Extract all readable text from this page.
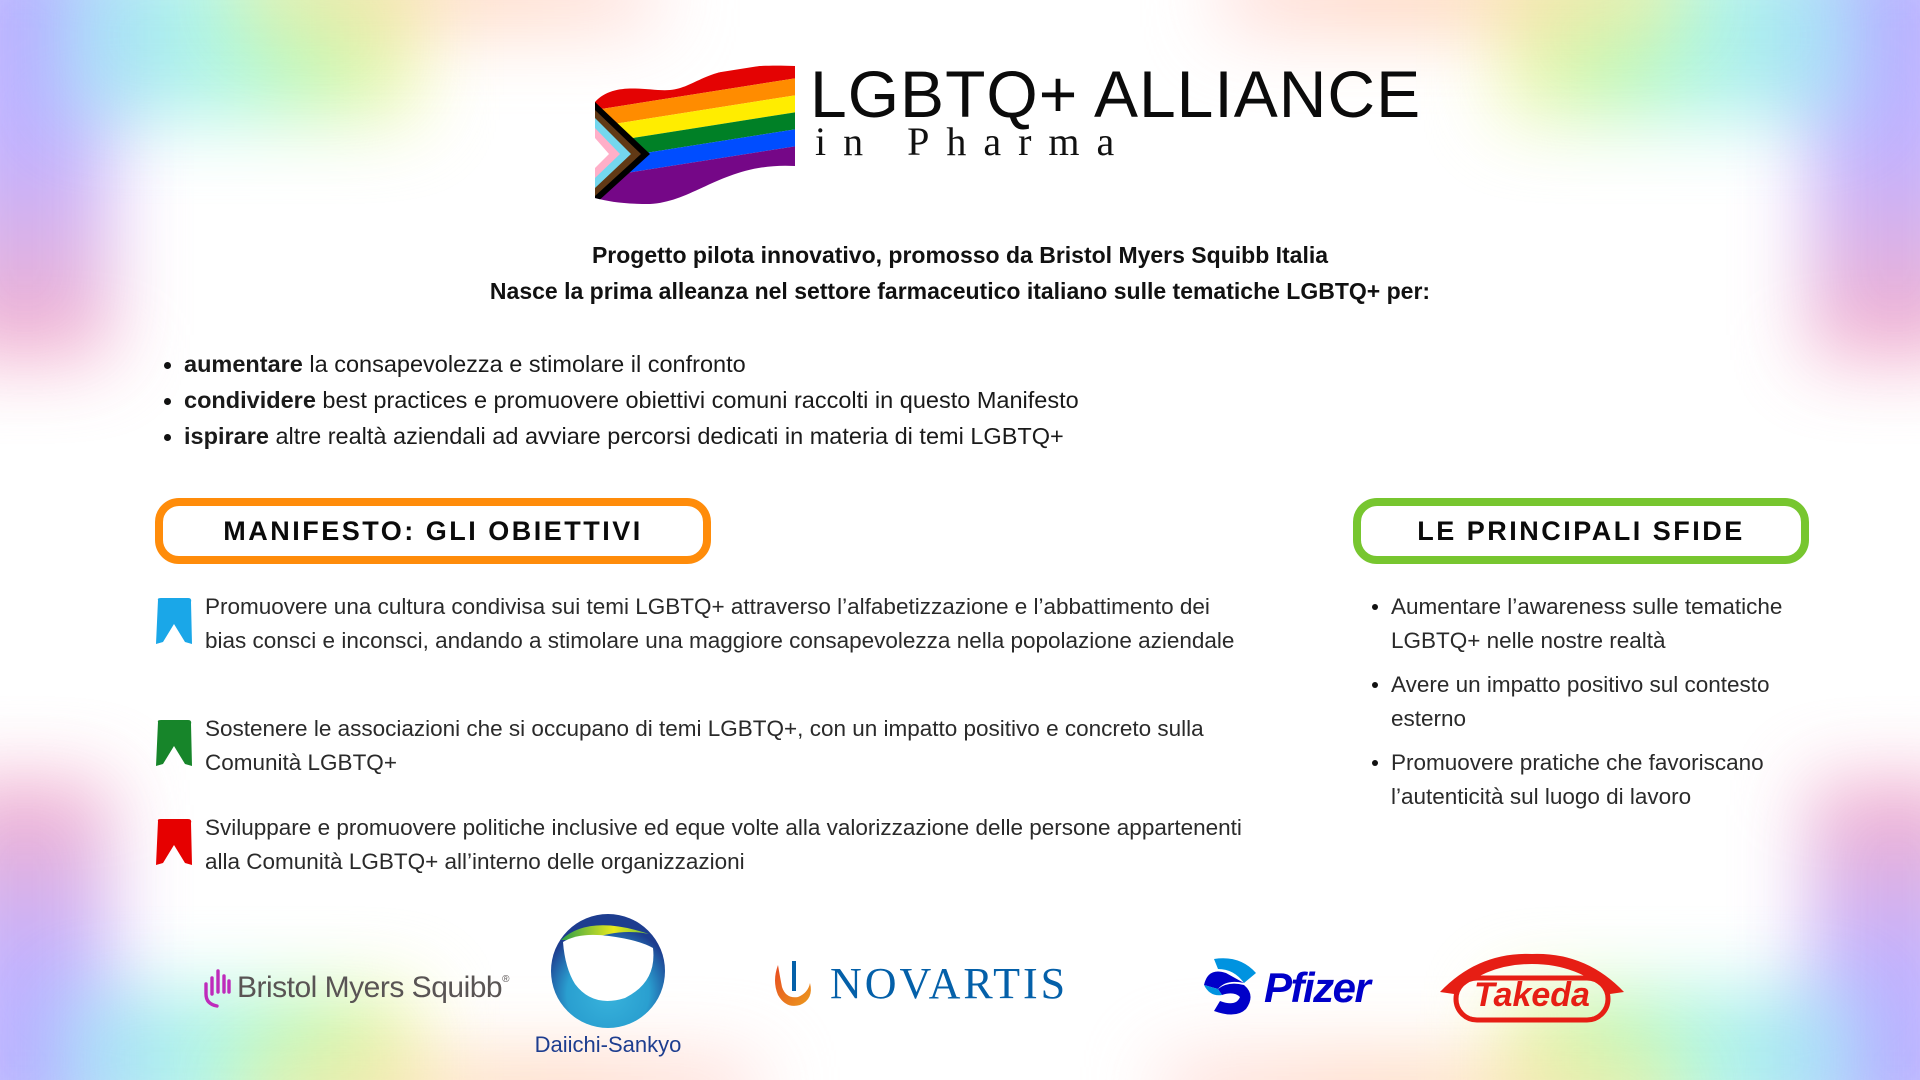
LGBTQ+ ALLIANCE
in Pharma
Progetto pilota innovativo, promosso da Bristol Myers Squibb Italia
Nasce la prima alleanza nel settore farmaceutico italiano sulle tematiche LGBTQ+ per:
aumentare la consapevolezza e stimolare il confronto
condividere best practices e promuovere obiettivi comuni raccolti in questo Manifesto
ispirare altre realtà aziendali ad avviare percorsi dedicati in materia di temi LGBTQ+
MANIFESTO: GLI OBIETTIVI	LE PRINCIPALI SFIDE
Promuovere una cultura condivisa sui temi LGBTQ+ attraverso l’alfabetizzazione e l’abbattimento dei bias consci e inconsci, andando a stimolare una maggiore consapevolezza nella popolazione aziendale
Sostenere le associazioni che si occupano di temi LGBTQ+, con un impatto positivo e concreto sulla Comunità LGBTQ+
Sviluppare e promuovere politiche inclusive ed eque volte alla valorizzazione delle persone appartenenti alla Comunità LGBTQ+ all’interno delle organizzazioni
Aumentare l’awareness sulle tematiche LGBTQ+ nelle nostre realtà
Avere un impatto positivo sul contesto esterno
Promuovere pratiche che favoriscano l’autenticità sul luogo di lavoro
Bristol Myers Squibb ®
Daiichi-Sankyo
NOVARTIS	Pfizer	Takeda
